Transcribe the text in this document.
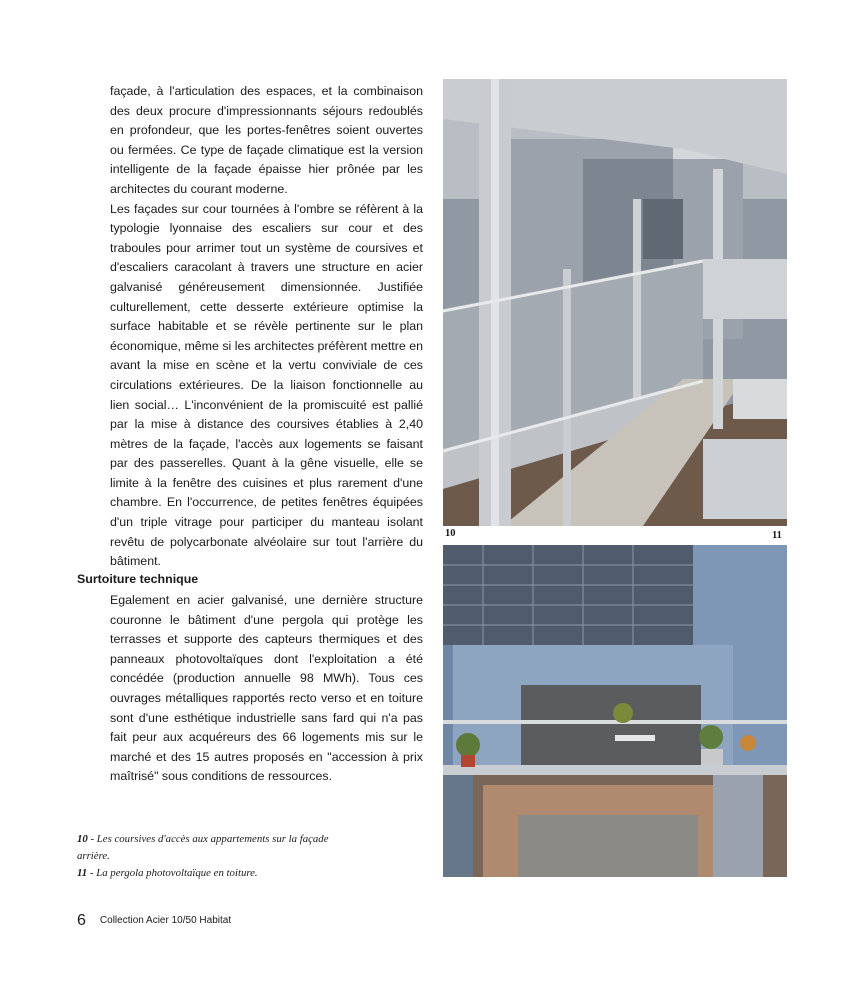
façade, à l'articulation des espaces, et la combinaison des deux procure d'impressionnants séjours redoublés en profondeur, que les portes-fenêtres soient ouvertes ou fermées. Ce type de façade climatique est la version intelligente de la façade épaisse hier prônée par les architectes du courant moderne.

Les façades sur cour tournées à l'ombre se réfèrent à la typologie lyonnaise des escaliers sur cour et des traboules pour arrimer tout un système de coursives et d'escaliers caracolant à travers une structure en acier galvanisé généreusement dimensionnée. Justifiée culturellement, cette desserte extérieure optimise la surface habitable et se révèle pertinente sur le plan économique, même si les architectes préfèrent mettre en avant la mise en scène et la vertu conviviale de ces circulations extérieures. De la liaison fonctionnelle au lien social… L'inconvénient de la promiscuité est pallié par la mise à distance des coursives établies à 2,40 mètres de la façade, l'accès aux logements se faisant par des passerelles. Quant à la gêne visuelle, elle se limite à la fenêtre des cuisines et plus rarement d'une chambre. En l'occurrence, de petites fenêtres équipées d'un triple vitrage pour participer du manteau isolant revêtu de polycarbonate alvéolaire sur tout l'arrière du bâtiment.

Surtoiture technique

Egalement en acier galvanisé, une dernière structure couronne le bâtiment d'une pergola qui protège les terrasses et supporte des capteurs thermiques et des panneaux photovoltaïques dont l'exploitation a été concédée (production annuelle 98 MWh). Tous ces ouvrages métalliques rapportés recto verso et en toiture sont d'une esthétique industrielle sans fard qui n'a pas fait peur aux acquéreurs des 66 logements mis sur le marché et des 15 autres proposés en "accession à prix maîtrisé" sous conditions de ressources.

10	11
10 - Les coursives d'accès aux appartements sur la façade arrière.
11 - La pergola photovoltaïque en toiture.
6 Collection Acier 10/50 Habitat
